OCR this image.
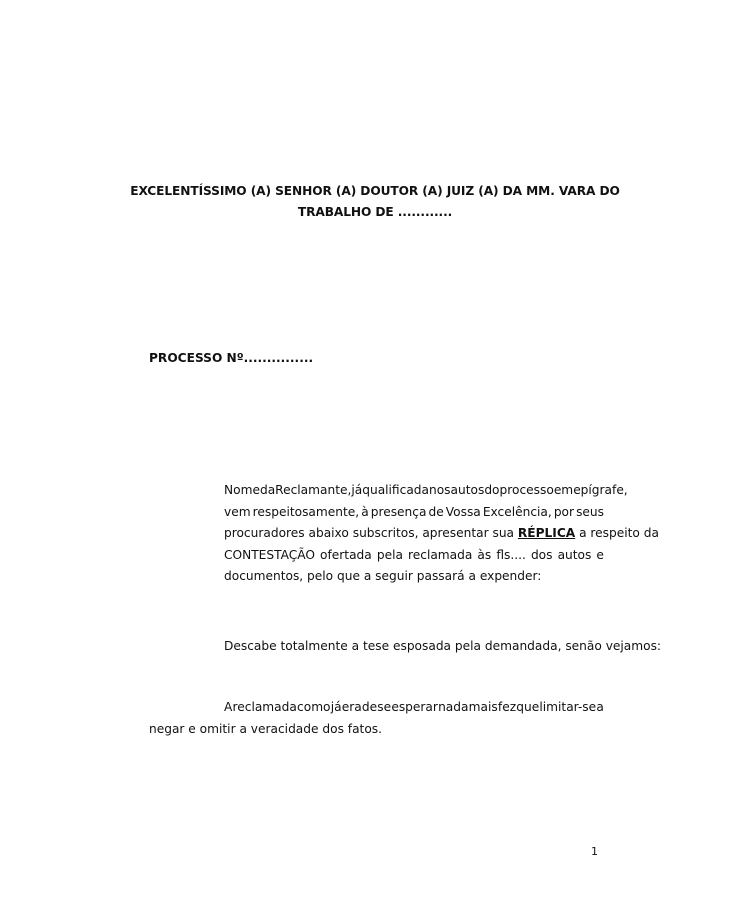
EXCELENTÍSSIMO (A) SENHOR (A) DOUTOR (A) JUIZ (A) DA MM. VARA DO
TRABALHO DE ............
PROCESSO Nº...............
Nome da Reclamante, já qualificada nos autos do processo em epígrafe,
vem respeitosamente, à presença de Vossa Excelência, por seus
procuradores abaixo subscritos, apresentar sua RÉPLICA a respeito da
CONTESTAÇÃO ofertada pela reclamada às fls.... dos autos e
documentos, pelo que a seguir passará a expender:
Descabe totalmente a tese esposada pela demandada, senão vejamos:
A reclamada como já era de se esperar nada mais fez que limitar-se a
negar e omitir a veracidade dos fatos.
1
